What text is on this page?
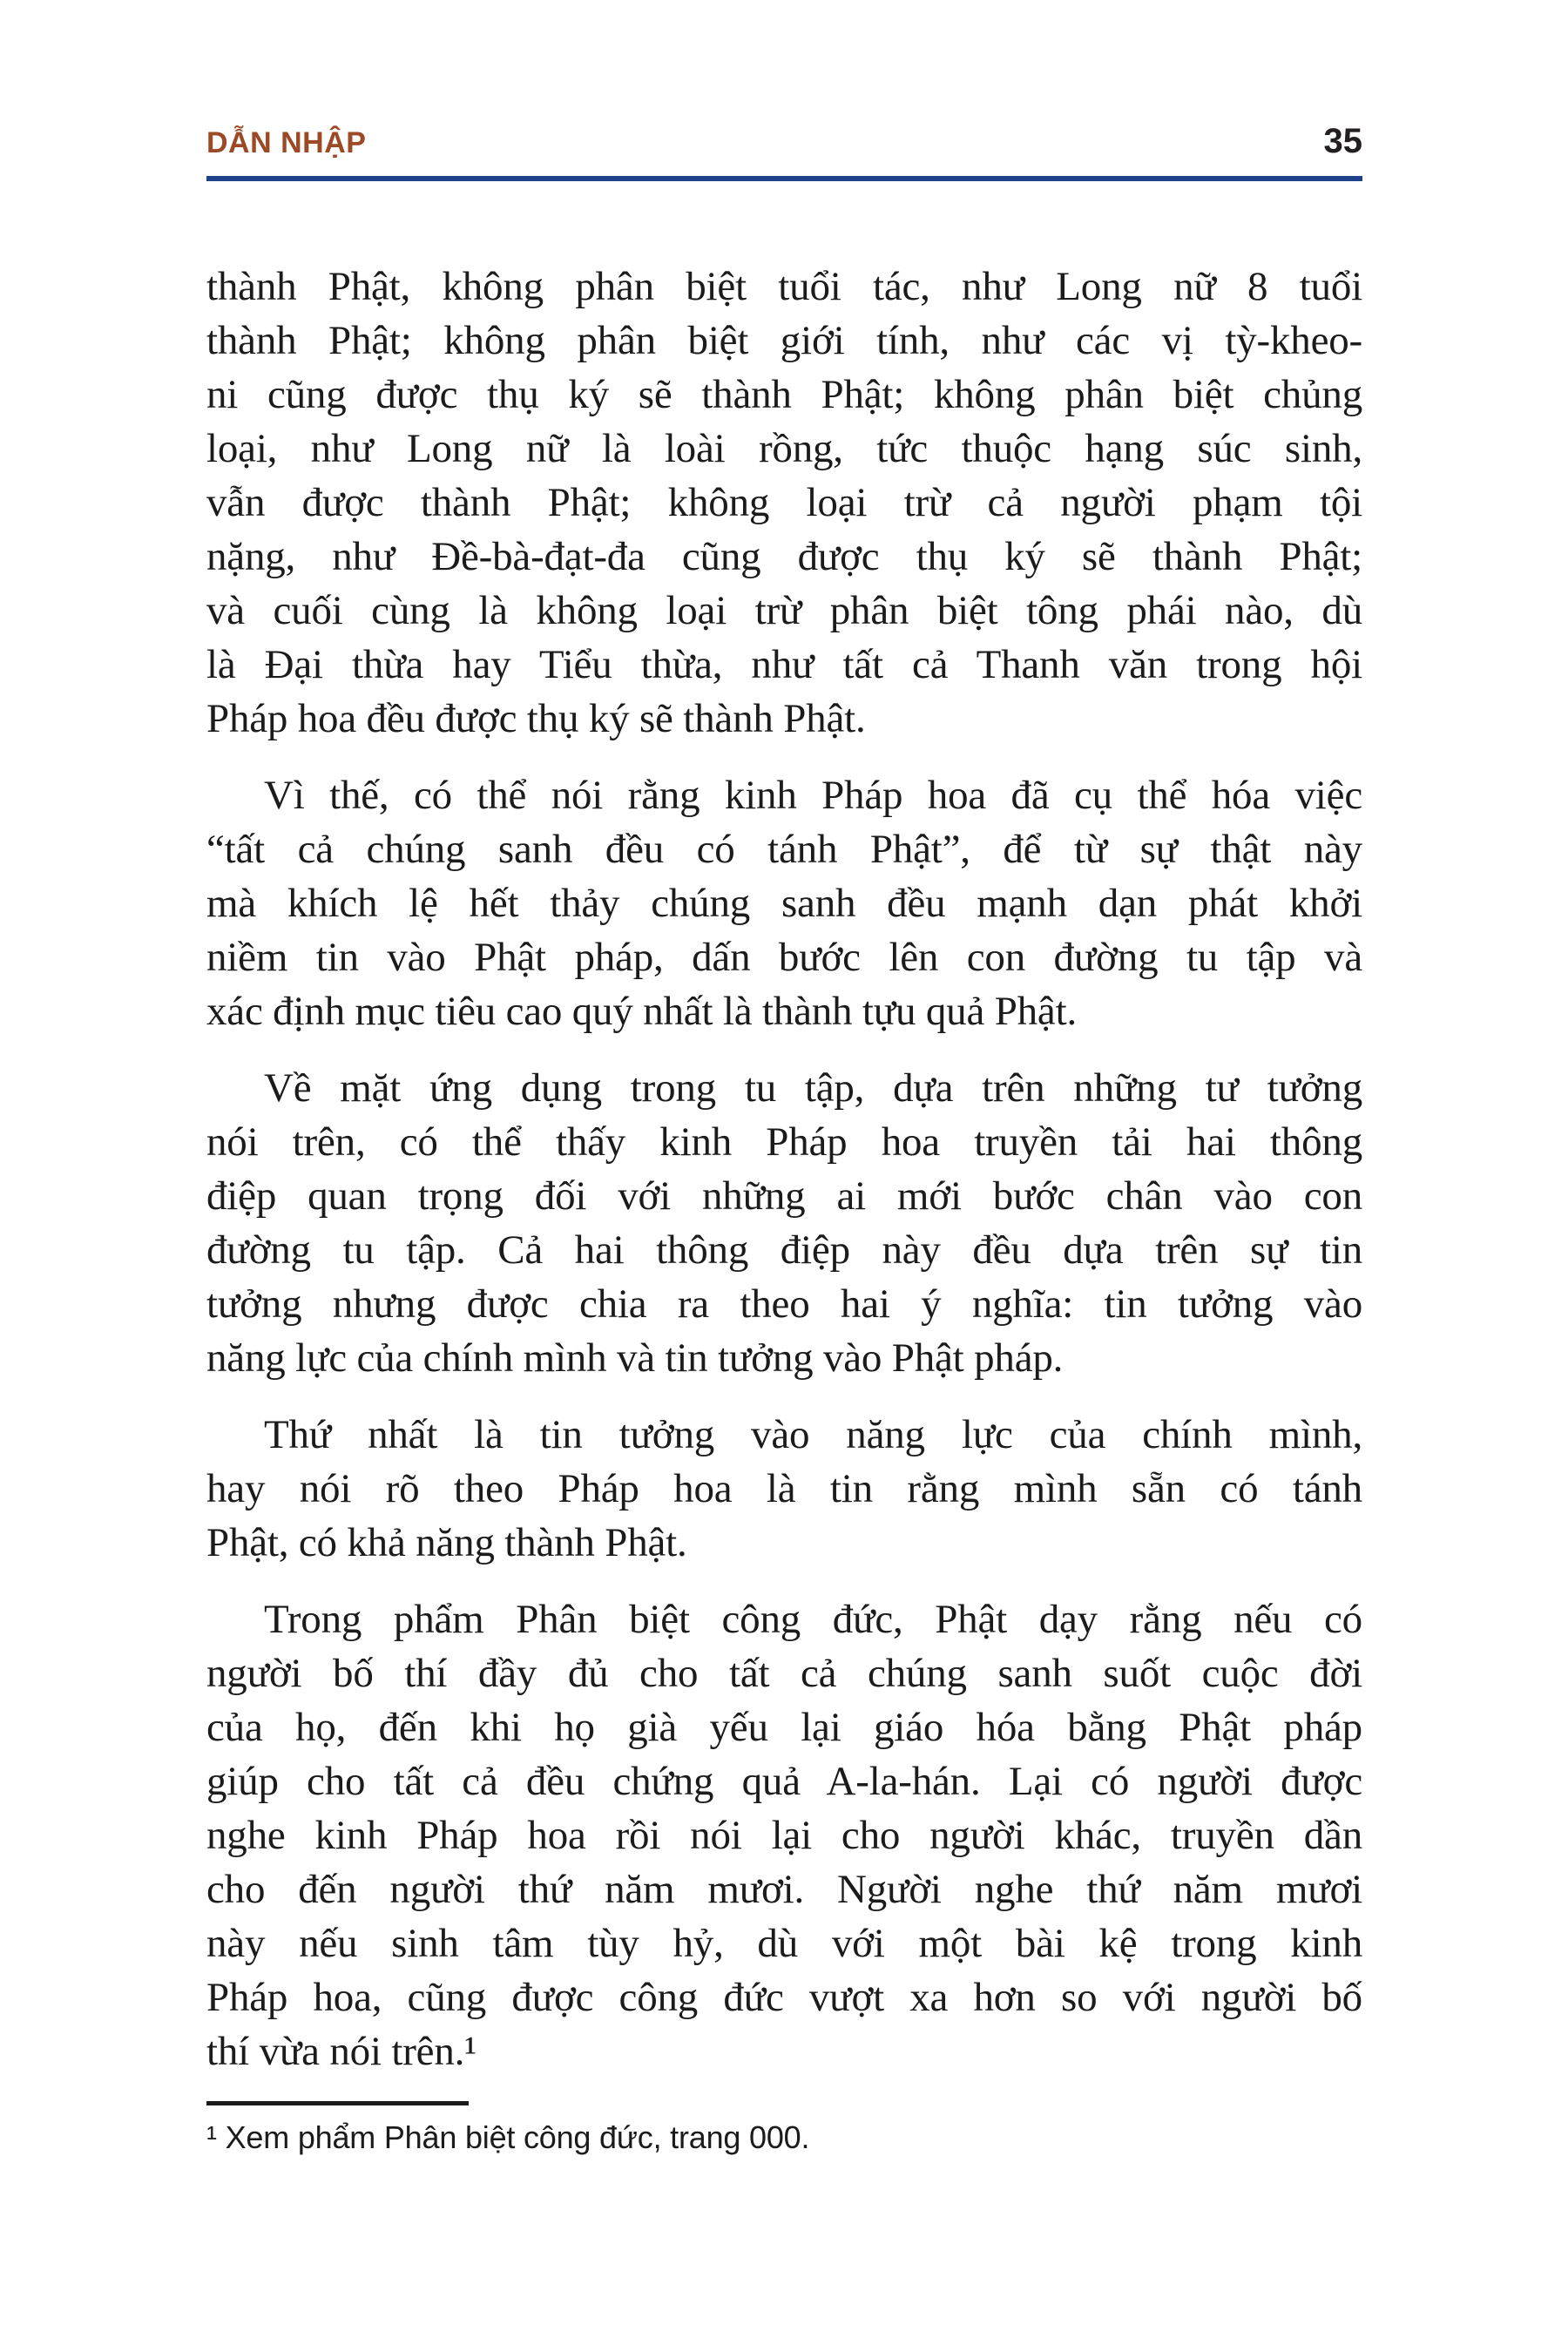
DẪN NHẬP	35
thành Phật, không phân biệt tuổi tác, như Long nữ 8 tuổi
thành Phật; không phân biệt giới tính, như các vị tỳ-kheo-
ni cũng được thụ ký sẽ thành Phật; không phân biệt chủng
loại, như Long nữ là loài rồng, tức thuộc hạng súc sinh,
vẫn được thành Phật; không loại trừ cả người phạm tội
nặng, như Đề-bà-đạt-đa cũng được thụ ký sẽ thành Phật;
và cuối cùng là không loại trừ phân biệt tông phái nào, dù
là Đại thừa hay Tiểu thừa, như tất cả Thanh văn trong hội
Pháp hoa đều được thụ ký sẽ thành Phật.
Vì thế, có thể nói rằng kinh Pháp hoa đã cụ thể hóa việc
“tất cả chúng sanh đều có tánh Phật”, để từ sự thật này
mà khích lệ hết thảy chúng sanh đều mạnh dạn phát khởi
niềm tin vào Phật pháp, dấn bước lên con đường tu tập và
xác định mục tiêu cao quý nhất là thành tựu quả Phật.
Về mặt ứng dụng trong tu tập, dựa trên những tư tưởng
nói trên, có thể thấy kinh Pháp hoa truyền tải hai thông
điệp quan trọng đối với những ai mới bước chân vào con
đường tu tập. Cả hai thông điệp này đều dựa trên sự tin
tưởng nhưng được chia ra theo hai ý nghĩa: tin tưởng vào
năng lực của chính mình và tin tưởng vào Phật pháp.
Thứ nhất là tin tưởng vào năng lực của chính mình,
hay nói rõ theo Pháp hoa là tin rằng mình sẵn có tánh
Phật, có khả năng thành Phật.
Trong phẩm Phân biệt công đức, Phật dạy rằng nếu có
người bố thí đầy đủ cho tất cả chúng sanh suốt cuộc đời
của họ, đến khi họ già yếu lại giáo hóa bằng Phật pháp
giúp cho tất cả đều chứng quả A-la-hán. Lại có người được
nghe kinh Pháp hoa rồi nói lại cho người khác, truyền dần
cho đến người thứ năm mươi. Người nghe thứ năm mươi
này nếu sinh tâm tùy hỷ, dù với một bài kệ trong kinh
Pháp hoa, cũng được công đức vượt xa hơn so với người bố
thí vừa nói trên.¹
¹ Xem phẩm Phân biệt công đức, trang 000.
